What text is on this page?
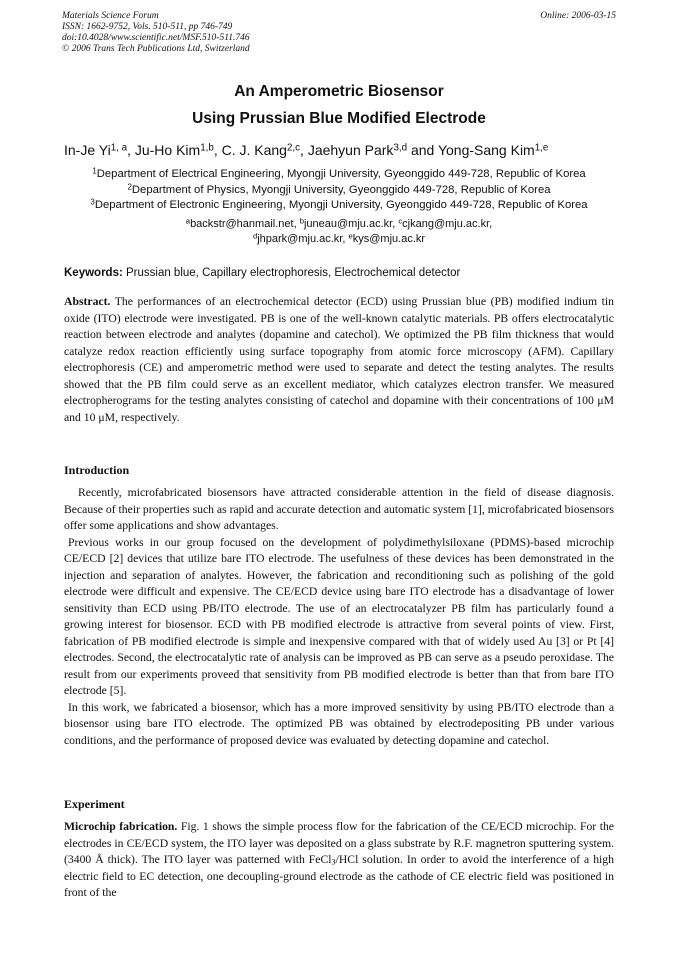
Materials Science Forum
ISSN: 1662-9752, Vols. 510-511, pp 746-749
doi:10.4028/www.scientific.net/MSF.510-511.746
© 2006 Trans Tech Publications Ltd, Switzerland
Online: 2006-03-15
An Amperometric Biosensor
Using Prussian Blue Modified Electrode
In-Je Yi$^{1, a}$, Ju-Ho Kim$^{1,b}$, C. J. Kang$^{2,c}$, Jaehyun Park$^{3,d}$ and Yong-Sang Kim$^{1,e}$
$^1$Department of Electrical Engineering, Myongji University, Gyeonggido 449-728, Republic of Korea
$^2$Department of Physics, Myongji University, Gyeonggido 449-728, Republic of Korea
$^3$Department of Electronic Engineering, Myongji University, Gyeonggido 449-728, Republic of Korea
$^a$backstr@hanmail.net, $^b$juneau@mju.ac.kr, $^c$cjkang@mju.ac.kr,
$^d$jhpark@mju.ac.kr, $^e$kys@mju.ac.kr
Keywords: Prussian blue, Capillary electrophoresis, Electrochemical detector

Abstract. The performances of an electrochemical detector (ECD) using Prussian blue (PB) modified indium tin oxide (ITO) electrode were investigated. PB is one of the well-known catalytic materials. PB offers electrocatalytic reaction between electrode and analytes (dopamine and catechol). We optimized the PB film thickness that would catalyze redox reaction efficiently using surface topography from atomic force microscopy (AFM). Capillary electrophoresis (CE) and amperometric method were used to separate and detect the testing analytes. The results showed that the PB film could serve as an excellent mediator, which catalyzes electron transfer. We measured electropherograms for the testing analytes consisting of catechol and dopamine with their concentrations of 100 μM and 10 μM, respectively.

Introduction

Recently, microfabricated biosensors have attracted considerable attention in the field of disease diagnosis. Because of their properties such as rapid and accurate detection and automatic system [1], microfabricated biosensors offer some applications and show advantages.

Previous works in our group focused on the development of polydimethylsiloxane (PDMS)-based microchip CE/ECD [2] devices that utilize bare ITO electrode. The usefulness of these devices has been demonstrated in the injection and separation of analytes. However, the fabrication and reconditioning such as polishing of the gold electrode were difficult and expensive. The CE/ECD device using bare ITO electrode has a disadvantage of lower sensitivity than ECD using PB/ITO electrode. The use of an electrocatalyzer PB film has particularly found a growing interest for biosensor. ECD with PB modified electrode is attractive from several points of view. First, fabrication of PB modified electrode is simple and inexpensive compared with that of widely used Au [3] or Pt [4] electrodes. Second, the electrocatalytic rate of analysis can be improved as PB can serve as a pseudo peroxidase. The result from our experiments proveed that sensitivity from PB modified electrode is better than that from bare ITO electrode [5].

In this work, we fabricated a biosensor, which has a more improved sensitivity by using PB/ITO electrode than a biosensor using bare ITO electrode. The optimized PB was obtained by electrodepositing PB under various conditions, and the performance of proposed device was evaluated by detecting dopamine and catechol.

Experiment

Microchip fabrication. Fig. 1 shows the simple process flow for the fabrication of the CE/ECD microchip. For the electrodes in CE/ECD system, the ITO layer was deposited on a glass substrate by R.F. magnetron sputtering system. (3400 Å thick). The ITO layer was patterned with FeCl$_3$/HCl solution. In order to avoid the interference of a high electric field to EC detection, one decoupling-ground electrode as the cathode of CE electric field was positioned in front of the
